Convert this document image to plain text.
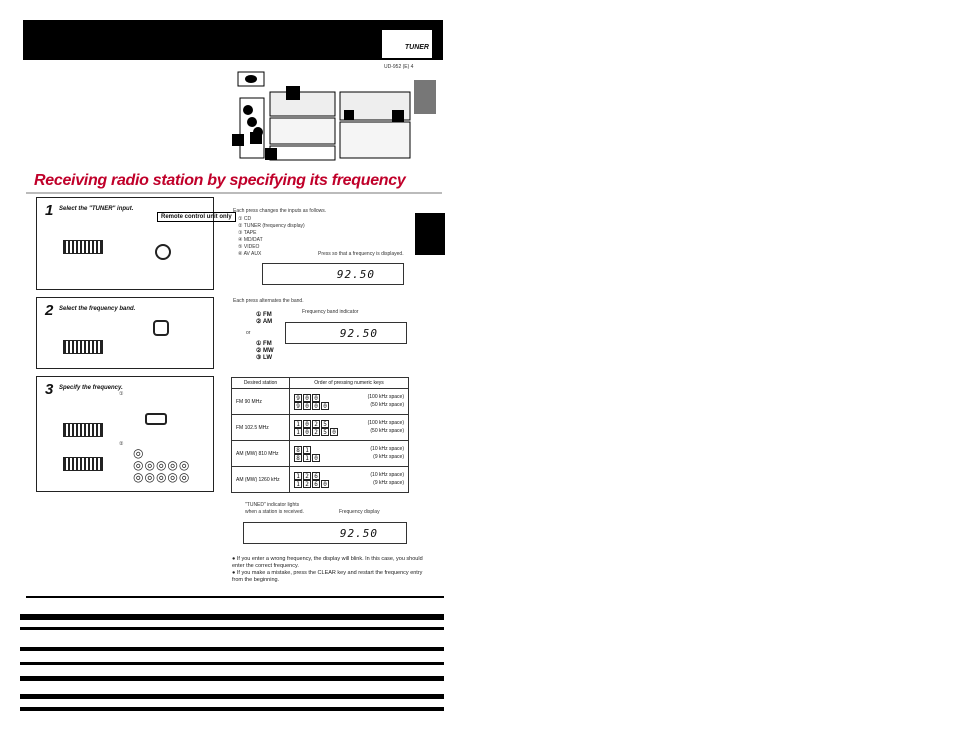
TUNER
UD-952 (E) 4
Receiving radio station by specifying its frequency
1 Select the "TUNER" input.
Remote control unit only
2 Select the frequency band.
3 Specify the frequency.
①
②
◎
◎◎◎◎◎
◎◎◎◎◎
Each press changes the inputs as follows.
① CD
② TUNER (frequency display)
③ TAPE
④ MD/DAT
⑤ VIDEO
⑥ AV AUX	Press so that a frequency is displayed.
92.50
Each press alternates the band.
① FM
② AM
or
① FM
② MW
③ LW
Frequency band indicator
92.50
Desired station	Order of pressing numeric keys
FM 90 MHz	9 0 0 (100 kHz space)
9 0 0 0 (50 kHz space)

FM 102.5 MHz	1 0 2 5 (100 kHz space)
1 0 2 5 0 (50 kHz space)

AM (MW) 810 MHz	8 1 (10 kHz space)
8 1 0 (9 kHz space)

AM (MW) 1260 kHz	1 2 6 (10 kHz space)
1 2 6 0 (9 kHz space)
"TUNED" indicator lights
when a station is received.	Frequency display
92.50
● If you enter a wrong frequency, the display will blink. In this case, you should enter the correct frequency.
● If you make a mistake, press the CLEAR key and restart the frequency entry from the beginning.
